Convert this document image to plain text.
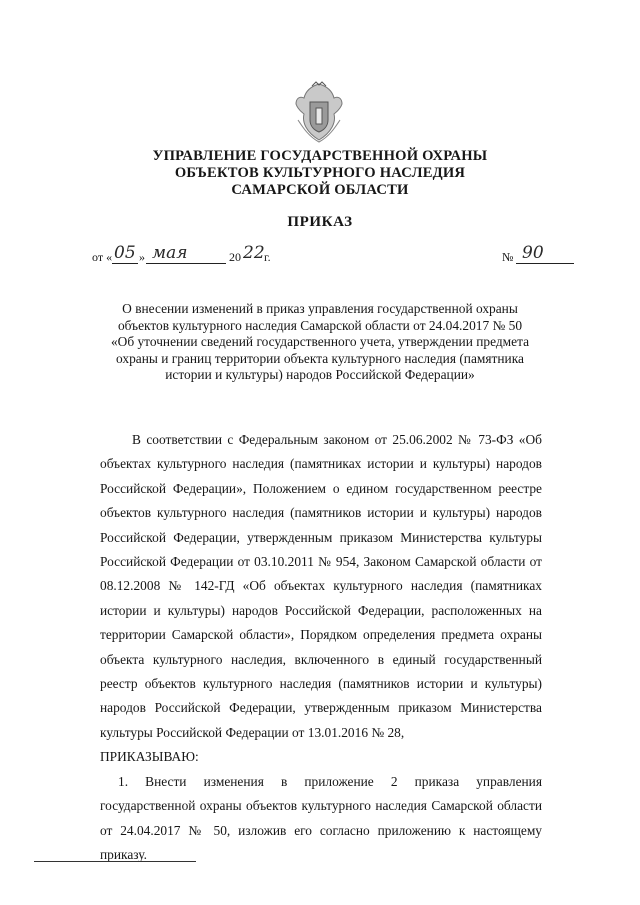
УПРАВЛЕНИЕ ГОСУДАРСТВЕННОЙ ОХРАНЫ
ОБЪЕКТОВ КУЛЬТУРНОГО НАСЛЕДИЯ
САМАРСКОЙ ОБЛАСТИ
ПРИКАЗ
от « 05 » мая	20 22 г.	№ 90
О внесении изменений в приказ управления государственной охраны
объектов культурного наследия Самарской области от 24.04.2017 № 50
«Об уточнении сведений государственного учета, утверждении предмета
охраны и границ территории объекта культурного наследия (памятника
истории и культуры) народов Российской Федерации»

В соответствии с Федеральным законом от 25.06.2002 № 73-ФЗ «Об объектах культурного наследия (памятниках истории и культуры) народов Российской Федерации», Положением о едином государственном реестре объектов культурного наследия (памятников истории и культуры) народов Российской Федерации, утвержденным приказом Министерства культуры Российской Федерации от 03.10.2011 № 954, Законом Самарской области от 08.12.2008 № 142-ГД «Об объектах культурного наследия (памятниках истории и культуры) народов Российской Федерации, расположенных на территории Самарской области», Порядком определения предмета охраны объекта культурного наследия, включенного в единый государственный реестр объектов культурного наследия (памятников истории и культуры) народов Российской Федерации, утвержденным приказом Министерства культуры Российской Федерации от 13.01.2016 № 28,

ПРИКАЗЫВАЮ:

1. Внести изменения в приложение 2 приказа управления государственной охраны объектов культурного наследия Самарской области от 24.04.2017 № 50, изложив его согласно приложению к настоящему приказу.
